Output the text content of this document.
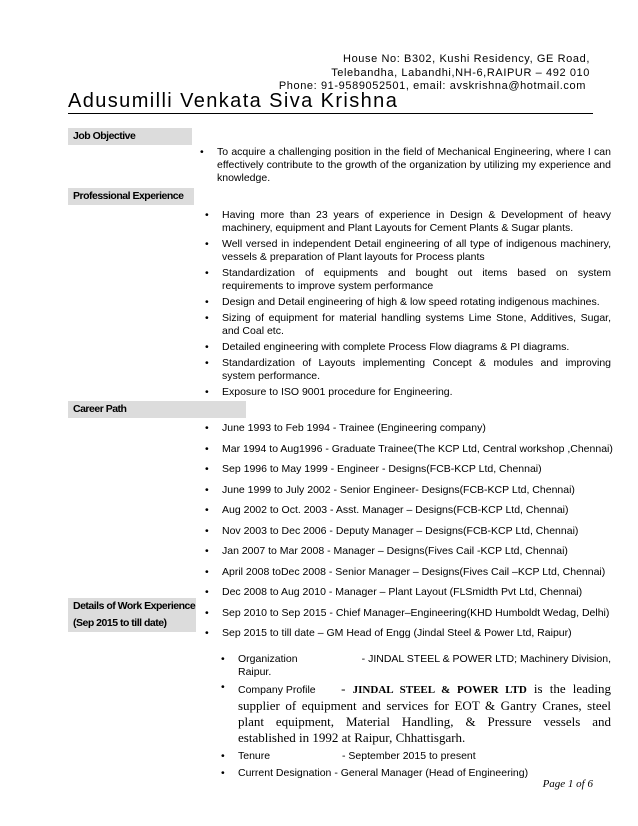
House No: B302, Kushi Residency, GE Road,
Telebandha, Labandhi,NH-6,RAIPUR – 492 010
Phone: 91-9589052501, email: avskrishna@hotmail.com
Adusumilli Venkata Siva Krishna
Job Objective
• To acquire a challenging position in the field of Mechanical Engineering, where I can effectively contribute to the growth of the organization by utilizing my experience and knowledge.
Professional Experience
• Having more than 23 years of experience in Design & Development of heavy machinery, equipment and Plant Layouts for Cement Plants & Sugar plants.
• Well versed in independent Detail engineering of all type of indigenous machinery, vessels & preparation of Plant layouts for Process plants
• Standardization of equipments and bought out items based on system requirements to improve system performance
• Design and Detail engineering of high & low speed rotating indigenous machines.
• Sizing of equipment for material handling systems Lime Stone, Additives, Sugar, and Coal etc.
• Detailed engineering with complete Process Flow diagrams & PI diagrams.
• Standardization of Layouts implementing Concept & modules and improving system performance.
• Exposure to ISO 9001 procedure for Engineering.
Career Path
• June 1993 to Feb 1994 - Trainee (Engineering company)
• Mar 1994 to Aug1996 - Graduate Trainee(The KCP Ltd, Central workshop ,Chennai)
• Sep 1996 to May 1999 - Engineer - Designs(FCB-KCP Ltd, Chennai)
• June 1999 to July 2002 - Senior Engineer- Designs(FCB-KCP Ltd, Chennai)
• Aug 2002 to Oct. 2003 - Asst. Manager – Designs(FCB-KCP Ltd, Chennai)
• Nov 2003 to Dec 2006 - Deputy Manager – Designs(FCB-KCP Ltd, Chennai)
• Jan 2007 to Mar 2008 - Manager – Designs(Fives Cail -KCP Ltd, Chennai)
• April 2008 toDec 2008 - Senior Manager – Designs(Fives Cail –KCP Ltd, Chennai)
• Dec 2008 to Aug 2010 - Manager – Plant Layout (FLSmidth Pvt Ltd, Chennai)
• Sep 2010 to Sep 2015 - Chief Manager–Engineering(KHD Humboldt Wedag, Delhi)
• Sep 2015 to till date – GM Head of Engg (Jindal Steel & Power Ltd, Raipur)
Details of Work Experience
(Sep 2015 to till date)
• Organization	- JINDAL STEEL & POWER LTD; Machinery Division,
Raipur.
• Company Profile - JINDAL STEEL & POWER LTD is the leading supplier of equipment and services for EOT & Gantry Cranes, steel plant equipment, Material Handling, & Pressure vessels and established in 1992 at Raipur, Chhattisgarh.
• Tenure	- September 2015 to present
• Current Designation - General Manager (Head of Engineering)
Page 1 of 6
